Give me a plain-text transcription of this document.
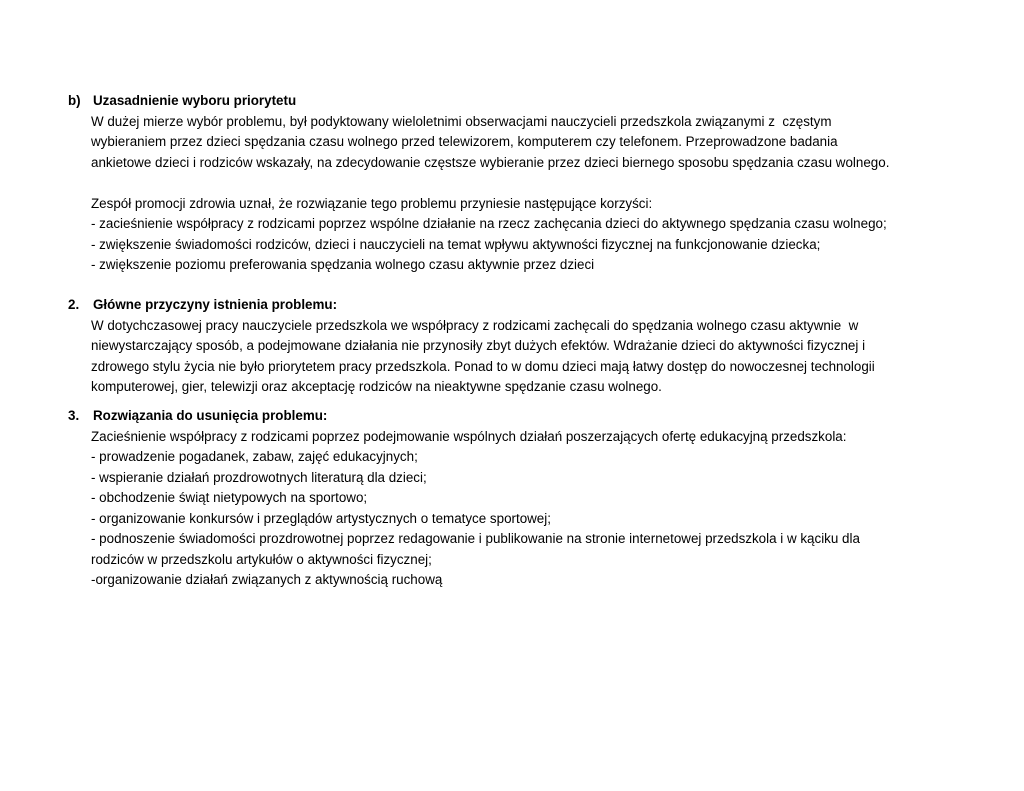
b) Uzasadnienie wyboru priorytetu
W dużej mierze wybór problemu, był podyktowany wieloletnimi obserwacjami nauczycieli przedszkola związanymi z  częstym
wybieraniem przez dzieci spędzania czasu wolnego przed telewizorem, komputerem czy telefonem. Przeprowadzone badania
ankietowe dzieci i rodziców wskazały, na zdecydowanie częstsze wybieranie przez dzieci biernego sposobu spędzania czasu wolnego.
Zespół promocji zdrowia uznał, że rozwiązanie tego problemu przyniesie następujące korzyści:
- zacieśnienie współpracy z rodzicami poprzez wspólne działanie na rzecz zachęcania dzieci do aktywnego spędzania czasu wolnego;
- zwiększenie świadomości rodziców, dzieci i nauczycieli na temat wpływu aktywności fizycznej na funkcjonowanie dziecka;
- zwiększenie poziomu preferowania spędzania wolnego czasu aktywnie przez dzieci
2. Główne przyczyny istnienia problemu:
W dotychczasowej pracy nauczyciele przedszkola we współpracy z rodzicami zachęcali do spędzania wolnego czasu aktywnie  w
niewystarczający sposób, a podejmowane działania nie przynosiły zbyt dużych efektów. Wdrażanie dzieci do aktywności fizycznej i
zdrowego stylu życia nie było priorytetem pracy przedszkola. Ponad to w domu dzieci mają łatwy dostęp do nowoczesnej technologii
komputerowej, gier, telewizji oraz akceptację rodziców na nieaktywne spędzanie czasu wolnego.
3. Rozwiązania do usunięcia problemu:
Zacieśnienie współpracy z rodzicami poprzez podejmowanie wspólnych działań poszerzających ofertę edukacyjną przedszkola:
- prowadzenie pogadanek, zabaw, zajęć edukacyjnych;
- wspieranie działań prozdrowotnych literaturą dla dzieci;
- obchodzenie świąt nietypowych na sportowo;
- organizowanie konkursów i przeglądów artystycznych o tematyce sportowej;
- podnoszenie świadomości prozdrowotnej poprzez redagowanie i publikowanie na stronie internetowej przedszkola i w kąciku dla
rodziców w przedszkolu artykułów o aktywności fizycznej;
-organizowanie działań związanych z aktywnością ruchową
